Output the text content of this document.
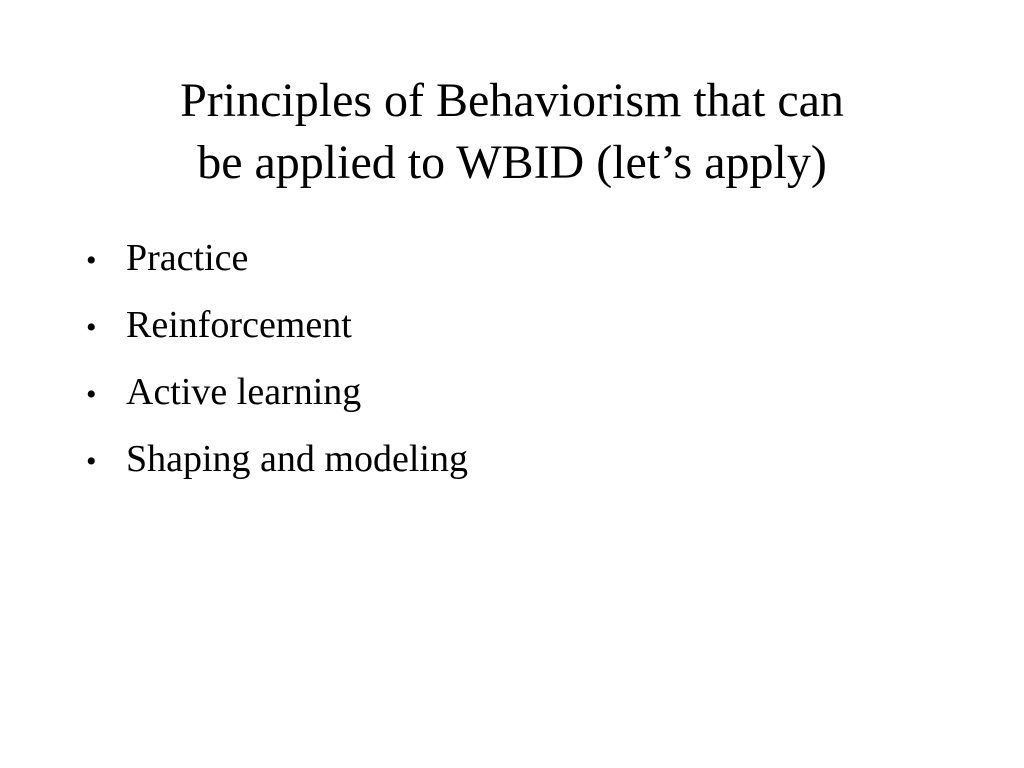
Principles of Behaviorism that can
be applied to WBID (let’s apply)
• Practice
• Reinforcement
• Active learning
• Shaping and modeling
